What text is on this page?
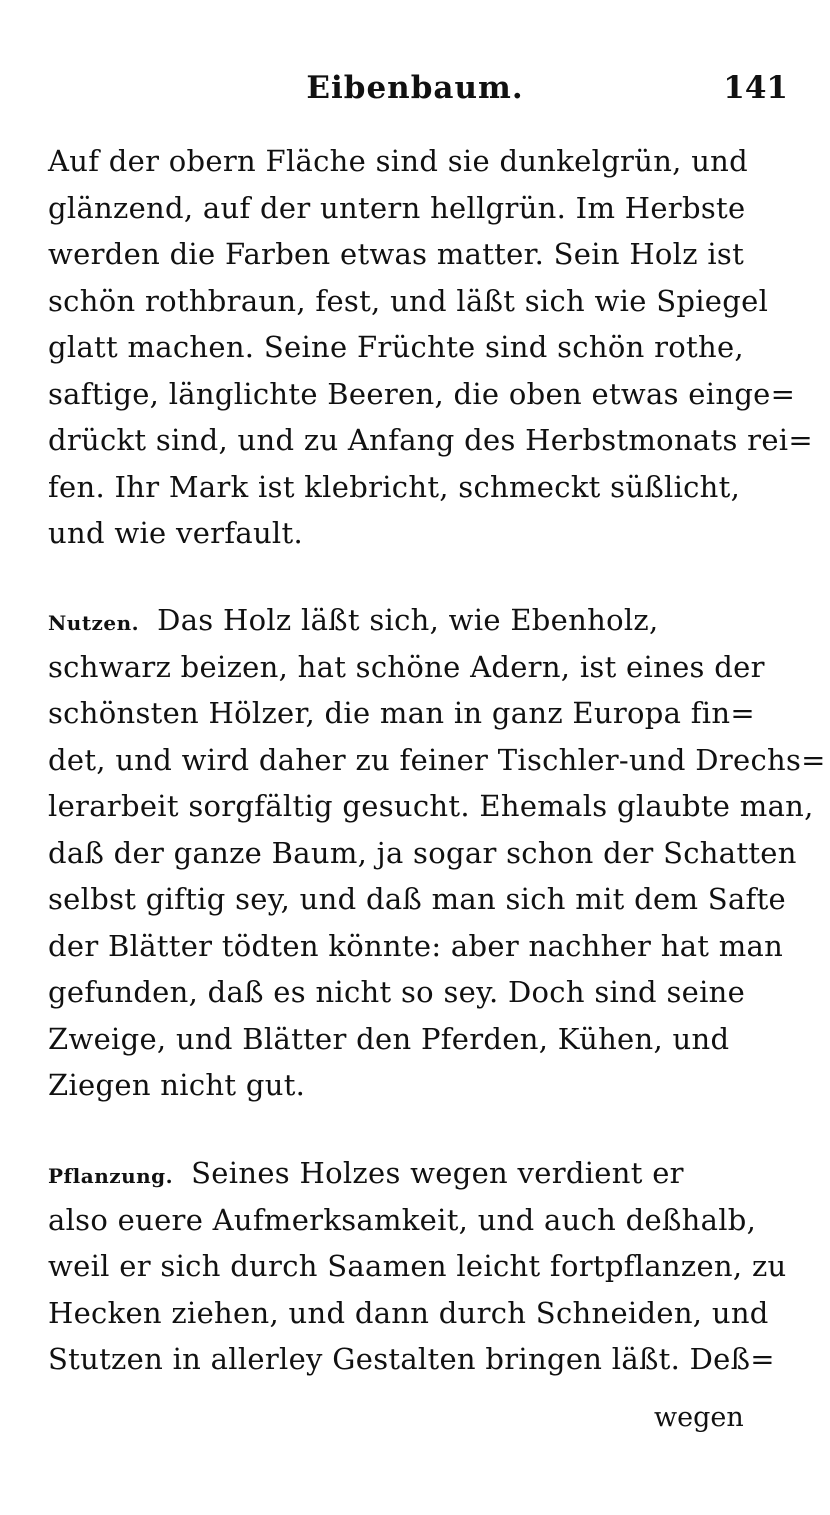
Eibenbaum.	141
Auf der obern Fläche sind sie dunkelgrün, und
glänzend, auf der untern hellgrün. Im Herbste
werden die Farben etwas matter. Sein Holz ist
schön rothbraun, fest, und läßt sich wie Spiegel
glatt machen. Seine Früchte sind schön rothe,
saftige, länglichte Beeren, die oben etwas einge=
drückt sind, und zu Anfang des Herbstmonats rei=
fen. Ihr Mark ist klebricht, schmeckt süßlicht,
und wie verfault.
Nutzen. Das Holz läßt sich, wie Ebenholz,
schwarz beizen, hat schöne Adern, ist eines der
schönsten Hölzer, die man in ganz Europa fin=
det, und wird daher zu feiner Tischler-und Drechs=
lerarbeit sorgfältig gesucht. Ehemals glaubte man,
daß der ganze Baum, ja sogar schon der Schatten
selbst giftig sey, und daß man sich mit dem Safte
der Blätter tödten könnte: aber nachher hat man
gefunden, daß es nicht so sey. Doch sind seine
Zweige, und Blätter den Pferden, Kühen, und
Ziegen nicht gut.
Pflanzung. Seines Holzes wegen verdient er
also euere Aufmerksamkeit, und auch deßhalb,
weil er sich durch Saamen leicht fortpflanzen, zu
Hecken ziehen, und dann durch Schneiden, und
Stutzen in allerley Gestalten bringen läßt. Deß=
wegen
